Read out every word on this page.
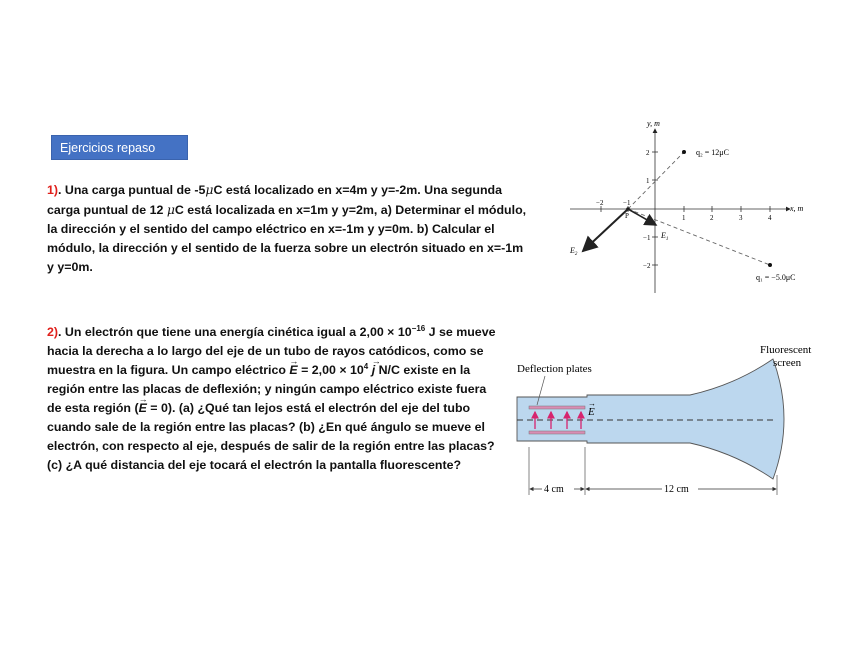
Ejercicios repaso
1). Una carga puntual de -5μC está localizado en x=4m y y=-2m. Una segunda carga puntual de 12 μC está localizada en x=1m y y=2m, a) Determinar el módulo, la dirección y el sentido del campo eléctrico en x=-1m y y=0m. b) Calcular el módulo, la dirección y el sentido de la fuerza sobre un electrón situado en x=-1m y y=0m.
2). Un electrón que tiene una energía cinética igual a $2,00 \times 10^{-16}$ J se mueve hacia la derecha a lo largo del eje de un tubo de rayos catódicos, como se muestra en la figura. Un campo eléctrico → $E = 2,00 \times 10^4 \to j$ N/C existe en la región entre las placas de deflexión; y ningún campo eléctrico existe fuera de esta región (→ E = 0). (a) ¿Qué tan lejos está el electrón del eje del tubo cuando sale de la región entre las placas? (b) ¿En qué ángulo se mueve el electrón, con respecto al eje, después de salir de la región entre las placas? (c) ¿A qué distancia del eje tocará el electrón la pantalla fluorescente?
y, m
x, m
−2	−1
1	2	3	4
2
1
−1
−2
q₂ = 12μC
q₁ = −5.0μC
P
$E_1$
$E_2$
E
→
Deflection plates
Fluorescent
screen
4 cm	12 cm
